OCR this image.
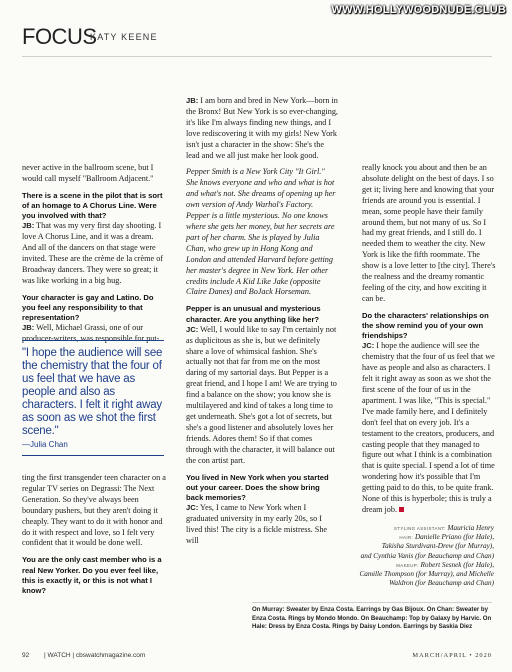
WWW.HOLLYWOODNUDE.CLUB
FOCUS
KATY KEENE

never active in the ballroom scene, but I would call myself "Ballroom Adjacent."

There is a scene in the pilot that is sort of an homage to A Chorus Line. Were you involved with that?

JB: That was my very first day shooting. I love A Chorus Line, and it was a dream. And all of the dancers on that stage were invited. These are the crème de la crème of Broadway dancers. They were so great; it was like working in a big hug.

Your character is gay and Latino. Do you feel any responsibility to that representation?

JB: Well, Michael Grassi, one of our producer-writers, was responsible for put-

"I hope the audience will see the chemistry that the four of us feel that we have as people and also as characters. I felt it right away as soon as we shot the first scene."
—Julia Chan

ting the first transgender teen character on a regular TV series on Degrassi: The Next Generation. So they've always been boundary pushers, but they aren't doing it cheaply. They want to do it with honor and do it with respect and love, so I felt very confident that it would be done well.

You are the only cast member who is a real New Yorker. Do you ever feel like, this is exactly it, or this is not what I know?

JB: I am born and bred in New York—born in the Bronx! But New York is so ever-changing, it's like I'm always finding new things, and I love rediscovering it with my girls! New York isn't just a character in the show: She's the lead and we all just make her look good.

Pepper Smith is a New York City "It Girl." She knows everyone and who and what is hot and what's not. She dreams of opening up her own version of Andy Warhol's Factory. Pepper is a little mysterious. No one knows where she gets her money, but her secrets are part of her charm. She is played by Julia Chan, who grew up in Hong Kong and London and attended Harvard before getting her master's degree in New York. Her other credits include A Kid Like Jake (opposite Claire Danes) and BoJack Horseman.

Pepper is an unusual and mysterious character. Are you anything like her?

JC: Well, I would like to say I'm certainly not as duplicitous as she is, but we definitely share a love of whimsical fashion. She's actually not that far from me on the most daring of my sartorial days. But Pepper is a great friend, and I hope I am! We are trying to find a balance on the show; you know she is multilayered and kind of takes a long time to get underneath. She's got a lot of secrets, but she's a good listener and absolutely loves her friends. Adores them! So if that comes through with the character, it will balance out the con artist part.

You lived in New York when you started out your career. Does the show bring back memories?

JC: Yes, I came to New York when I graduated university in my early 20s, so I lived this! The city is a fickle mistress. She will

really knock you about and then be an absolute delight on the best of days. I so get it; living here and knowing that your friends are around you is essential. I mean, some people have their family around them, but not many of us. So I had my great friends, and I still do. I needed them to weather the city. New York is like the fifth roommate. The show is a love letter to [the city]. There's the realness and the dreamy romantic feeling of the city, and how exciting it can be.

Do the characters' relationships on the show remind you of your own friendships?

JC: I hope the audience will see the chemistry that the four of us feel that we have as people and also as characters. I felt it right away as soon as we shot the first scene of the four of us in the apartment. I was like, "This is special." I've made family here, and I definitely don't feel that on every job. It's a testament to the creators, producers, and casting people that they managed to figure out what I think is a combination that is quite special. I spend a lot of time wondering how it's possible that I'm getting paid to do this, to be quite frank. None of this is hyperbole; this is truly a dream job.

STYLING ASSISTANT: Mauricia Henry
HAIR: Danielle Priano (for Hale),
Takisha Sturdivant-Drew (for Murray),
and Cynthia Vanis (for Beauchamp and Chan)
MAKEUP: Robert Sesnek (for Hale),
Camille Thompson (for Murray), and Michelle
Waldron (for Beauchamp and Chan)
On Murray: Sweater by Enza Costa. Earrings by Gas Bijoux. On Chan: Sweater by Enza Costa. Rings by Mondo Mondo. On Beauchamp: Top by Galaxy by Harvic. On Hale: Dress by Enza Costa. Rings by Daisy London. Earrings by Saskia Diez
92 | WATCH | cbswatchmagazine.com	MARCH/APRIL • 2020
